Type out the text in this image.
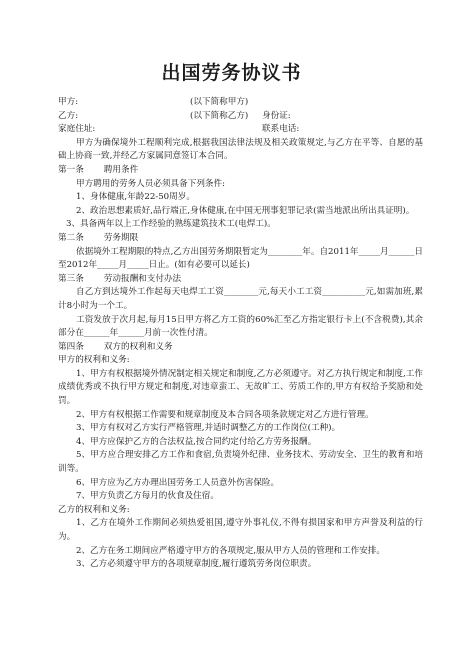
出国劳务协议书
甲方:	(以下简称甲方)
乙方:	(以下简称乙方) 身份证:
家庭住址:	联系电话:

甲方为确保境外工程顺利完成,根据我国法律法规及相关政策规定,与乙方在平等、自愿的基础上协商一致,并经乙方家属同意签订本合同。

第一条 聘用条件

甲方聘用的劳务人员必须具备下列条件:

1、身体健康,年龄22-50周岁。

2、政治思想素质好,品行端正,身体健康,在中国无刑事犯罪记录(需当地派出所出具证明)。

3、具备两年以上工作经验的熟练建筑技术工(电焊工)。

第二条 劳务期限

依据境外工程期限的特点,乙方出国劳务期限暂定为________年。自2011年_____月______日至2012年_____月_____日止。(如有必要可以延长)

第三条 劳动报酬和支付办法

自乙方到达境外工作起每天电焊工工资________元,每天小工工资__________元,如需加班,累计8小时为一个工。

工资发放于次月起,每月15日甲方将乙方工资的60%汇至乙方指定银行卡上(不含税费),其余部分在______年______月前一次性付清。

第四条 双方的权利和义务
甲方的权利和义务:

1、甲方有权根据境外情况制定相关规定和制度,乙方必须遵守。对乙方执行规定和制度,工作成绩优秀或不执行甲方规定和制度,对违章蛮工、无故旷工、劳质工作的,甲方有权给予奖励和处罚。

2、甲方有权根据工作需要和规章制度及本合同各项条款规定对乙方进行管理。

3、甲方有权对乙方实行严格管理,并适时调整乙方的工作岗位(工种)。

4、甲方应保护乙方的合法权益,按合同约定付给乙方劳务报酬。

5、甲方应合理安排乙方工作和食宿,负责境外纪律、业务技术、劳动安全、卫生的教育和培训等。

6、甲方应为乙方办理出国劳务工人员意外伤害保险。

7、甲方负责乙方每月的伙食及住宿。

乙方的权利和义务:

1、乙方在境外工作期间必须热爱祖国,遵守外事礼仪,不得有损国家和甲方声誉及利益的行为。

2、乙方在务工期间应严格遵守甲方的各项规定,服从甲方人员的管理和工作安排。

3、乙方必须遵守甲方的各项规章制度,履行遵筑劳务岗位职责。
